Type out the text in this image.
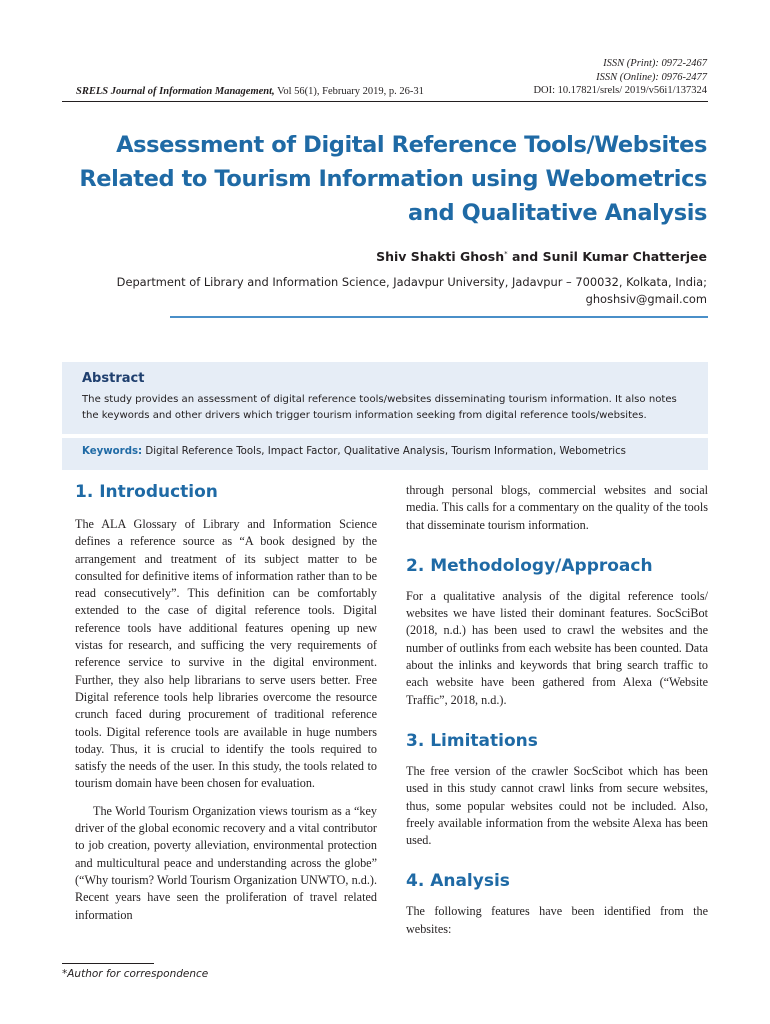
SRELS Journal of Information Management, Vol 56(1), February 2019, p. 26-31
ISSN (Print): 0972-2467
ISSN (Online): 0976-2477
DOI: 10.17821/srels/ 2019/v56i1/137324
Assessment of Digital Reference Tools/Websites
Related to Tourism Information using Webometrics
and Qualitative Analysis
Shiv Shakti Ghosh* and Sunil Kumar Chatterjee
Department of Library and Information Science, Jadavpur University, Jadavpur – 700032, Kolkata, India;
ghoshsiv@gmail.com
Abstract
The study provides an assessment of digital reference tools/websites disseminating tourism information. It also notes the keywords and other drivers which trigger tourism information seeking from digital reference tools/websites.
Keywords: Digital Reference Tools, Impact Factor, Qualitative Analysis, Tourism Information, Webometrics
1. Introduction

The ALA Glossary of Library and Information Science defines a reference source as “A book designed by the arrangement and treatment of its subject matter to be consulted for definitive items of information rather than to be read consecutively”. This definition can be comfortably extended to the case of digital reference tools. Digital reference tools have additional features opening up new vistas for research, and sufficing the very requirements of reference service to survive in the digital environment. Further, they also help librarians to serve users better. Free Digital reference tools help libraries overcome the resource crunch faced during procurement of traditional reference tools. Digital reference tools are available in huge numbers today. Thus, it is crucial to identify the tools required to satisfy the needs of the user. In this study, the tools related to tourism domain have been chosen for evaluation.

The World Tourism Organization views tourism as a “key driver of the global economic recovery and a vital contributor to job creation, poverty alleviation, environmental protection and multicultural peace and understanding across the globe” (“Why tourism? World Tourism Organization UNWTO, n.d.). Recent years have seen the proliferation of travel related information

through personal blogs, commercial websites and social media. This calls for a commentary on the quality of the tools that disseminate tourism information.

2. Methodology/Approach

For a qualitative analysis of the digital reference tools/ websites we have listed their dominant features. SocSciBot (2018, n.d.) has been used to crawl the websites and the number of outlinks from each website has been counted. Data about the inlinks and keywords that bring search traffic to each website have been gathered from Alexa (“Website Traffic”, 2018, n.d.).

3. Limitations

The free version of the crawler SocScibot which has been used in this study cannot crawl links from secure websites, thus, some popular websites could not be included. Also, freely available information from the website Alexa has been used.

4. Analysis

The following features have been identified from the websites:

*Author for correspondence
